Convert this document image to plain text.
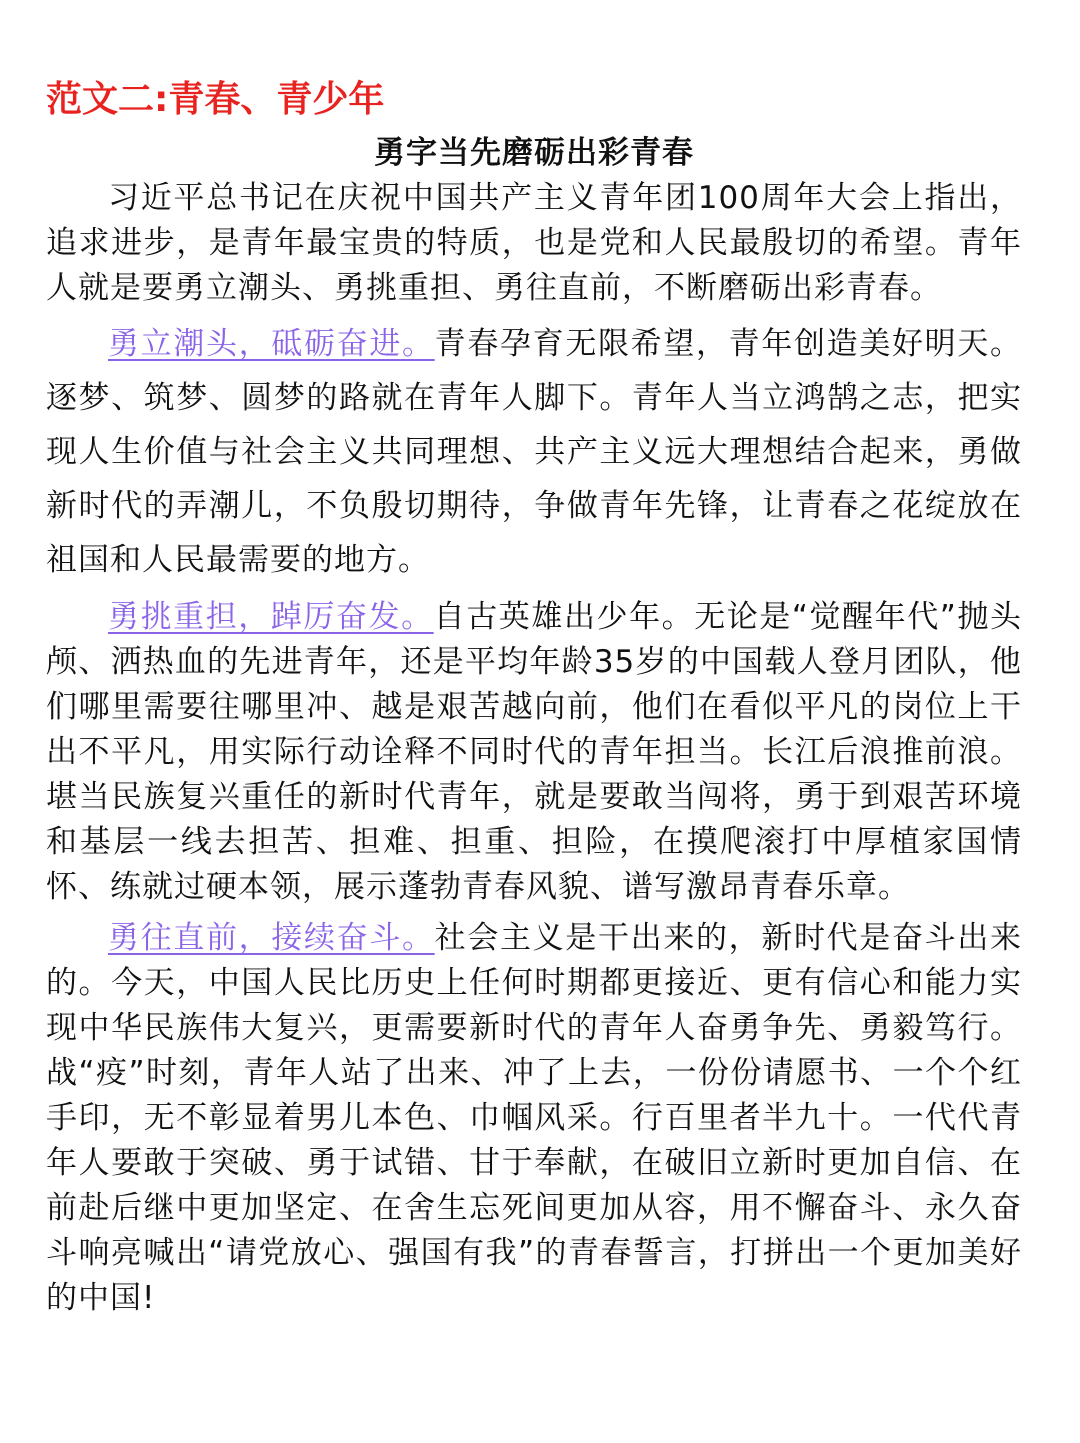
范文二:青春、青少年
勇字当先磨砺出彩青春

习近平总书记在庆祝中国共产主义青年团100周年大会上指出，追求进步，是青年最宝贵的特质，也是党和人民最殷切的希望。青年人就是要勇立潮头、勇挑重担、勇往直前，不断磨砺出彩青春。

勇立潮头，砥砺奋进。青春孕育无限希望，青年创造美好明天。逐梦、筑梦、圆梦的路就在青年人脚下。青年人当立鸿鹄之志，把实现人生价值与社会主义共同理想、共产主义远大理想结合起来，勇做新时代的弄潮儿，不负殷切期待，争做青年先锋，让青春之花绽放在祖国和人民最需要的地方。

勇挑重担，踔厉奋发。自古英雄出少年。无论是“觉醒年代”抛头颅、洒热血的先进青年，还是平均年龄35岁的中国载人登月团队，他们哪里需要往哪里冲、越是艰苦越向前，他们在看似平凡的岗位上干出不平凡，用实际行动诠释不同时代的青年担当。长江后浪推前浪。堪当民族复兴重任的新时代青年，就是要敢当闯将，勇于到艰苦环境和基层一线去担苦、担难、担重、担险，在摸爬滚打中厚植家国情怀、练就过硬本领，展示蓬勃青春风貌、谱写激昂青春乐章。

勇往直前，接续奋斗。社会主义是干出来的，新时代是奋斗出来的。今天，中国人民比历史上任何时期都更接近、更有信心和能力实现中华民族伟大复兴，更需要新时代的青年人奋勇争先、勇毅笃行。战“疫”时刻，青年人站了出来、冲了上去，一份份请愿书、一个个红手印，无不彰显着男儿本色、巾帼风采。行百里者半九十。一代代青年人要敢于突破、勇于试错、甘于奉献，在破旧立新时更加自信、在前赴后继中更加坚定、在舍生忘死间更加从容，用不懈奋斗、永久奋斗响亮喊出“请党放心、强国有我”的青春誓言，打拼出一个更加美好的中国!
